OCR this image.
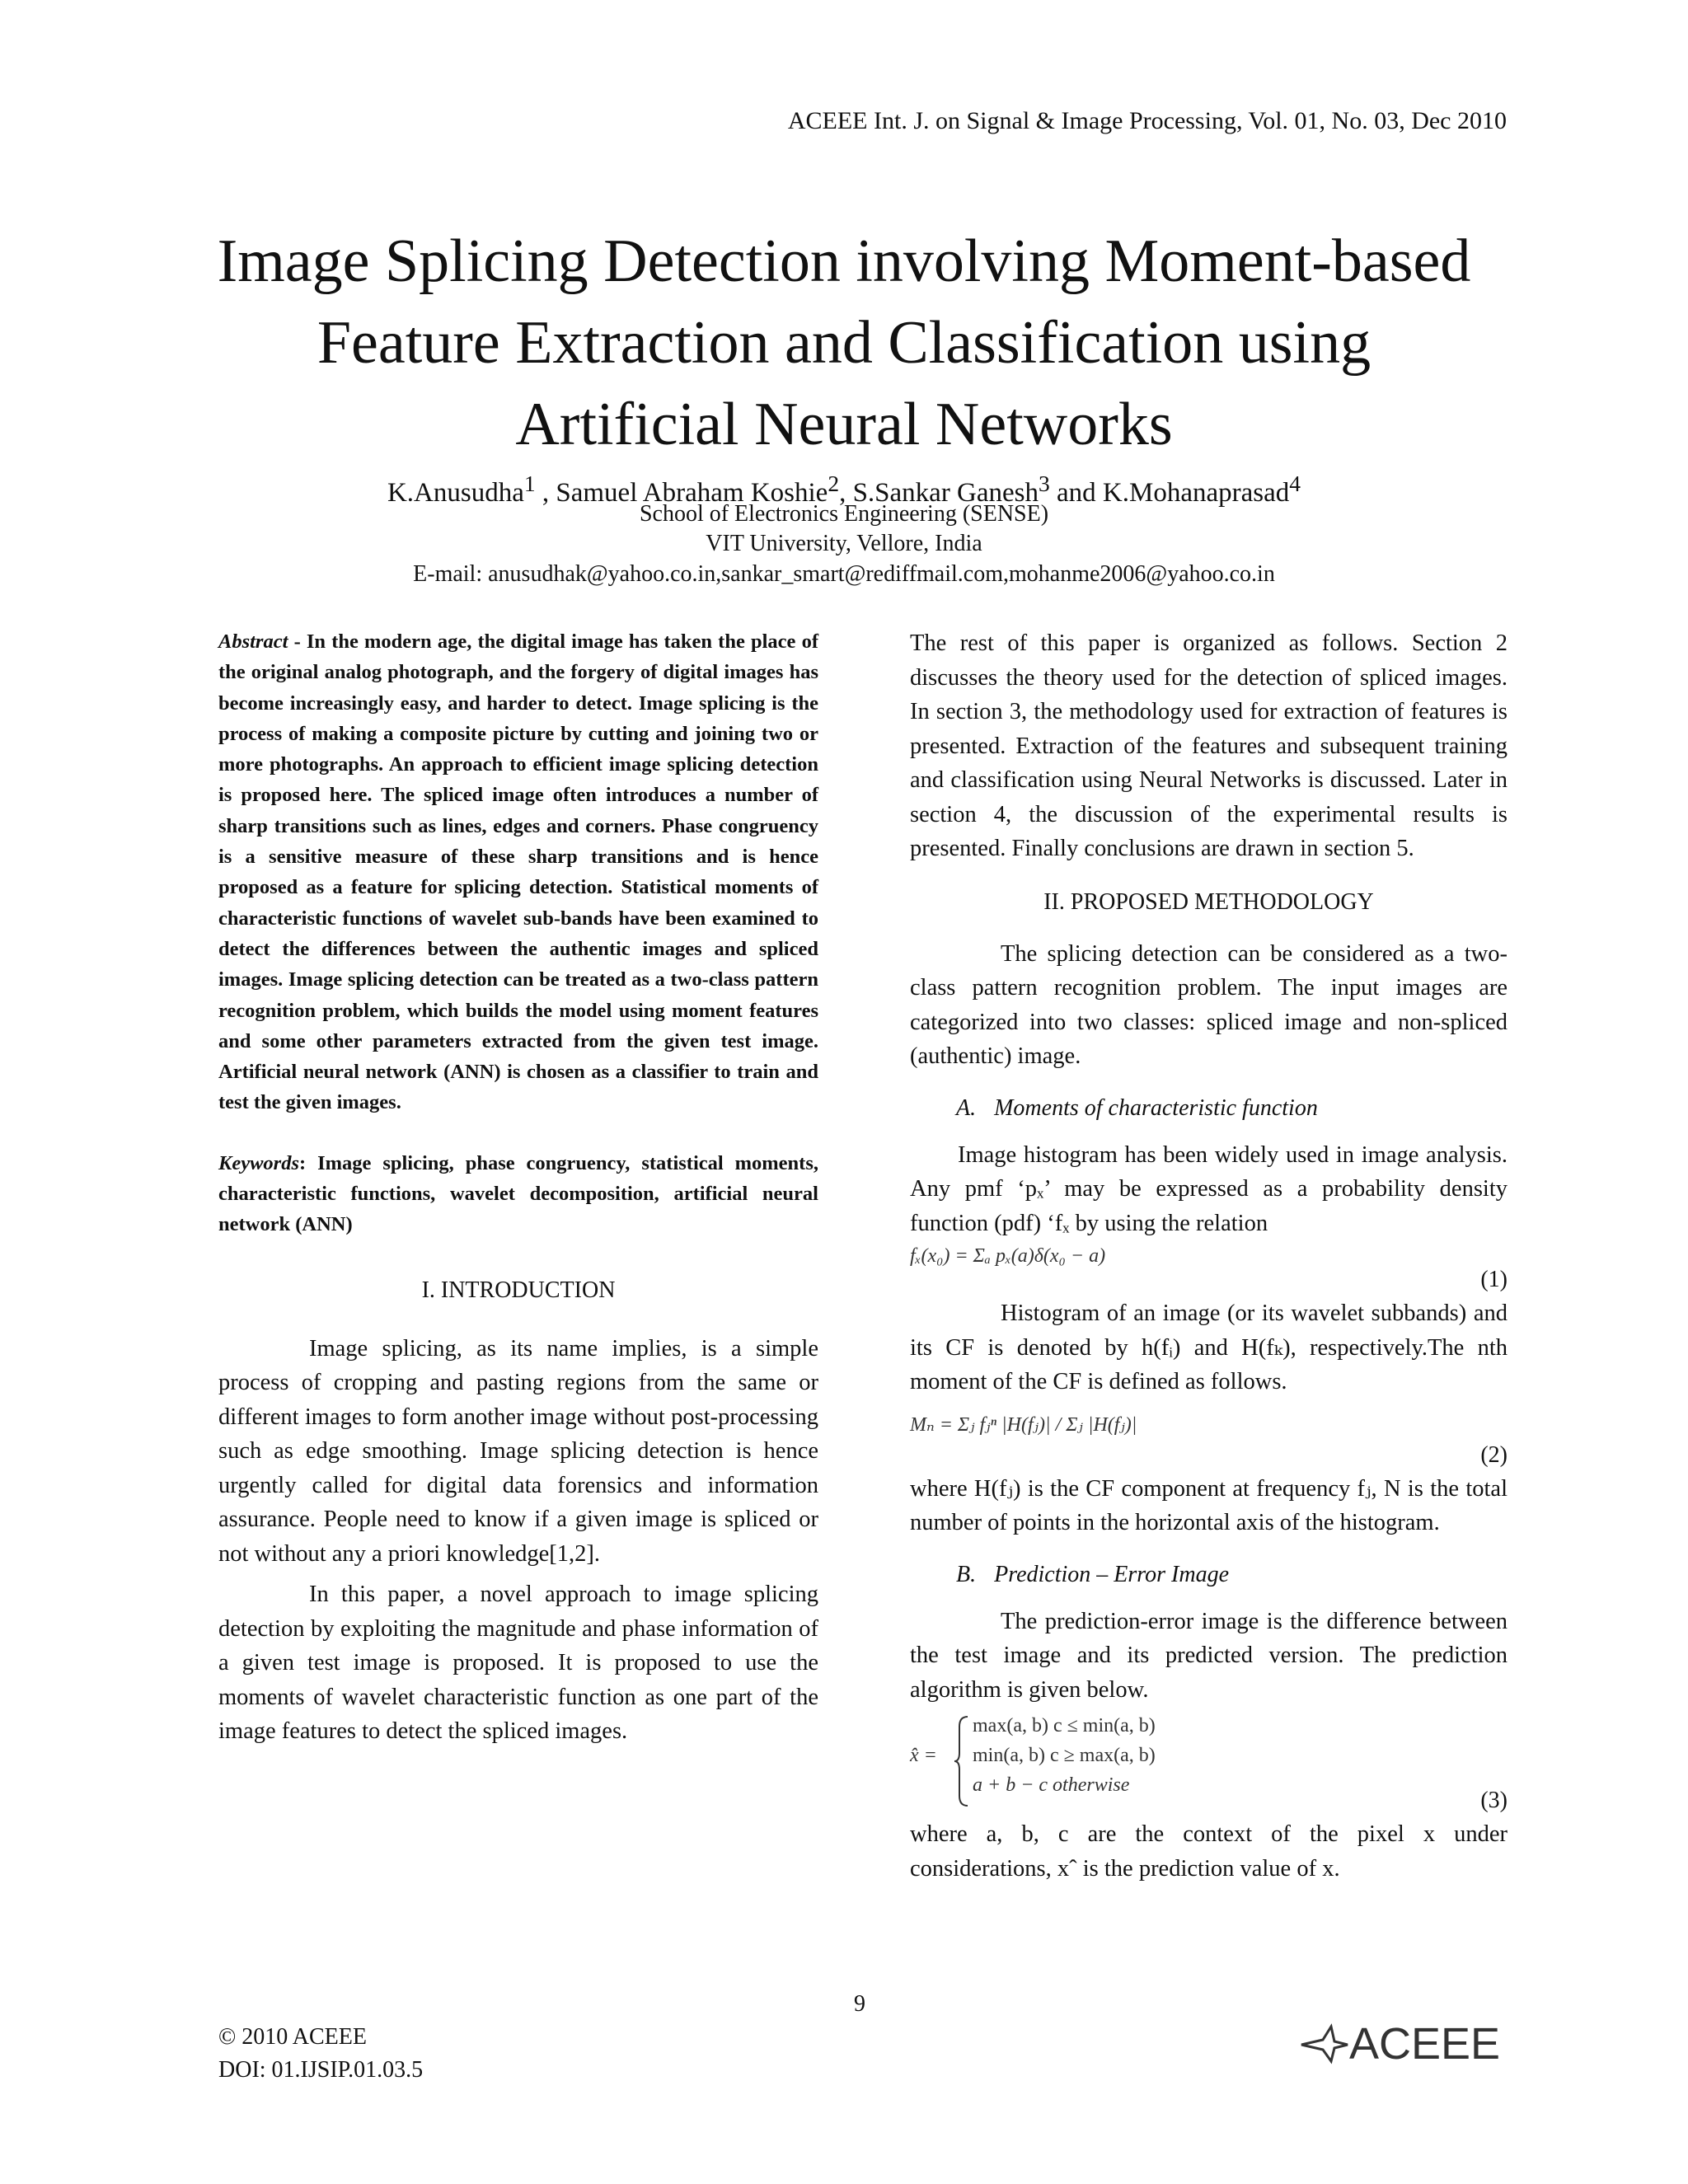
ACEEE Int. J. on Signal & Image Processing, Vol. 01, No. 03, Dec 2010
Image Splicing Detection involving Moment-based
Feature Extraction and Classification using
Artificial Neural Networks
K.Anusudha$^1$ , Samuel Abraham Koshie$^2$, S.Sankar Ganesh$^3$ and K.Mohanaprasad$^4$
School of Electronics Engineering (SENSE)
VIT University, Vellore, India
E-mail: anusudhak@yahoo.co.in,sankar_smart@rediffmail.com,mohanme2006@yahoo.co.in

Abstract - In the modern age, the digital image has taken the place of the original analog photograph, and the forgery of digital images has become increasingly easy, and harder to detect. Image splicing is the process of making a composite picture by cutting and joining two or more photographs. An approach to efficient image splicing detection is proposed here. The spliced image often introduces a number of sharp transitions such as lines, edges and corners. Phase congruency is a sensitive measure of these sharp transitions and is hence proposed as a feature for splicing detection. Statistical moments of characteristic functions of wavelet sub-bands have been examined to detect the differences between the authentic images and spliced images. Image splicing detection can be treated as a two-class pattern recognition problem, which builds the model using moment features and some other parameters extracted from the given test image. Artificial neural network (ANN) is chosen as a classifier to train and test the given images.

Keywords: Image splicing, phase congruency, statistical moments, characteristic functions, wavelet decomposition, artificial neural network (ANN)

I. INTRODUCTION

Image splicing, as its name implies, is a simple process of cropping and pasting regions from the same or different images to form another image without post-processing such as edge smoothing. Image splicing detection is hence urgently called for digital data forensics and information assurance. People need to know if a given image is spliced or not without any a priori knowledge[1,2].

In this paper, a novel approach to image splicing detection by exploiting the magnitude and phase information of a given test image is proposed. It is proposed to use the moments of wavelet characteristic function as one part of the image features to detect the spliced images.

The rest of this paper is organized as follows. Section 2 discusses the theory used for the detection of spliced images. In section 3, the methodology used for extraction of features is presented. Extraction of the features and subsequent training and classification using Neural Networks is discussed. Later in section 4, the discussion of the experimental results is presented. Finally conclusions are drawn in section 5.

II. PROPOSED METHODOLOGY

The splicing detection can be considered as a two-class pattern recognition problem. The input images are categorized into two classes: spliced image and non-spliced (authentic) image.

A. Moments of characteristic function

Image histogram has been widely used in image analysis. Any pmf ‘pₓ’ may be expressed as a probability density function (pdf) ‘fₓ by using the relation

fₓ(x₀) = Σₐ pₓ(a)δ(x₀ − a)
(1)

Histogram of an image (or its wavelet subbands) and its CF is denoted by h(fᵢ) and H(fₖ), respectively.The nth moment of the CF is defined as follows.

Mₙ = Σⱼ fⱼⁿ |H(fⱼ)| / Σⱼ |H(fⱼ)|
(2)

where H(fⱼ) is the CF component at frequency fⱼ, N is the total number of points in the horizontal axis of the histogram.

B. Prediction – Error Image

The prediction-error image is the difference between the test image and its predicted version. The prediction algorithm is given below.

x̂ =
max(a, b) c ≤ min(a, b)
min(a, b) c ≥ max(a, b)
a + b − c otherwise
(3)

where a, b, c are the context of the pixel x under considerations, xˆ is the prediction value of x.

9
© 2010 ACEEE
DOI: 01.IJSIP.01.03.5
ACEEE
